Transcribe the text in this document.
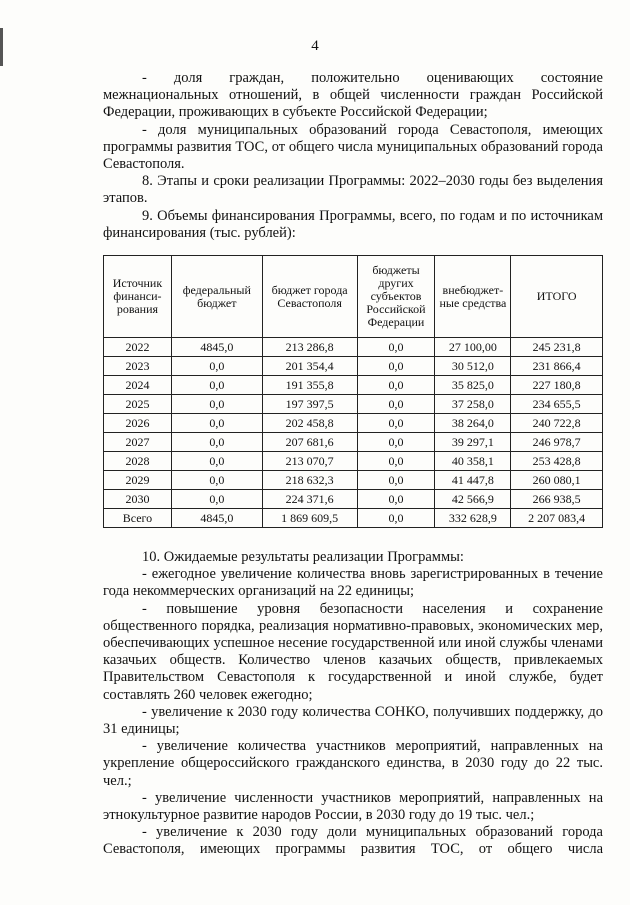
4

- доля граждан, положительно оценивающих состояние межнациональных отношений, в общей численности граждан Российской Федерации, проживающих в субъекте Российской Федерации;

- доля муниципальных образований города Севастополя, имеющих программы развития ТОС, от общего числа муниципальных образований города Севастополя.

8. Этапы и сроки реализации Программы: 2022–2030 годы без выделения этапов.

9. Объемы финансирования Программы, всего, по годам и по источникам финансирования (тыс. рублей):

Источник финанси-рования	федеральный бюджет	бюджет города Севастополя	бюджеты других субъектов Российской Федерации	внебюджет-ные средства	ИТОГО
2022	4845,0	213 286,8	0,0	27 100,00	245 231,8
2023	0,0	201 354,4	0,0	30 512,0	231 866,4
2024	0,0	191 355,8	0,0	35 825,0	227 180,8
2025	0,0	197 397,5	0,0	37 258,0	234 655,5
2026	0,0	202 458,8	0,0	38 264,0	240 722,8
2027	0,0	207 681,6	0,0	39 297,1	246 978,7
2028	0,0	213 070,7	0,0	40 358,1	253 428,8
2029	0,0	218 632,3	0,0	41 447,8	260 080,1
2030	0,0	224 371,6	0,0	42 566,9	266 938,5
Всего	4845,0	1 869 609,5	0,0	332 628,9	2 207 083,4

10. Ожидаемые результаты реализации Программы:

- ежегодное увеличение количества вновь зарегистрированных в течение года некоммерческих организаций на 22 единицы;

- повышение уровня безопасности населения и сохранение общественного порядка, реализация нормативно-правовых, экономических мер, обеспечивающих успешное несение государственной или иной службы членами казачьих обществ. Количество членов казачьих обществ, привлекаемых Правительством Севастополя к государственной и иной службе, будет составлять 260 человек ежегодно;

- увеличение к 2030 году количества СОНКО, получивших поддержку, до 31 единицы;

- увеличение количества участников мероприятий, направленных на укрепление общероссийского гражданского единства, в 2030 году до 22 тыс. чел.;

- увеличение численности участников мероприятий, направленных на этнокультурное развитие народов России, в 2030 году до 19 тыс. чел.;

- увеличение к 2030 году доли муниципальных образований города Севастополя, имеющих программы развития ТОС, от общего числа
